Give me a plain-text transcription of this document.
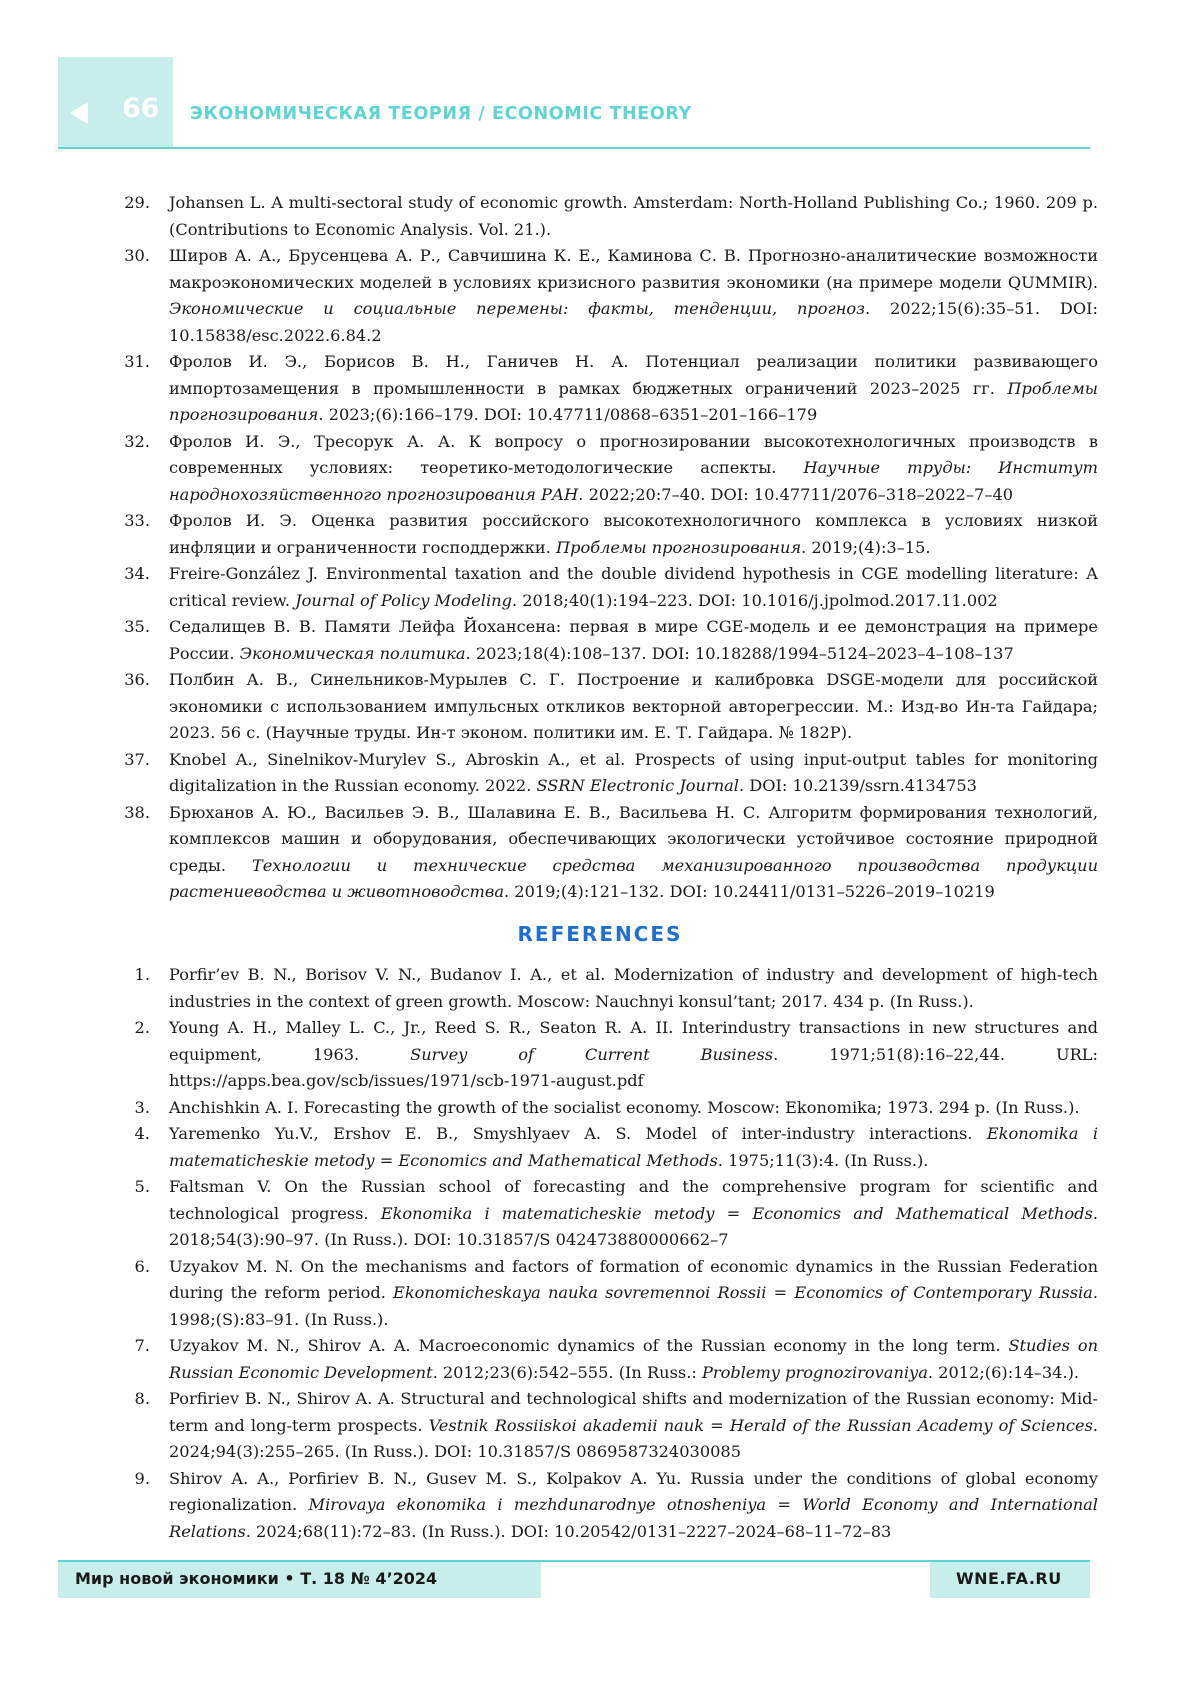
66 ЭКОНОМИЧЕСКАЯ ТЕОРИЯ / ECONOMIC THEORY
29. Johansen L. A multi-sectoral study of economic growth. Amsterdam: North-Holland Publishing Co.; 1960. 209 p. (Contributions to Economic Analysis. Vol. 21.).
30. Широв А. А., Брусенцева А. Р., Савчишина К. Е., Каминова С. В. Прогнозно-аналитические возможности макроэкономических моделей в условиях кризисного развития экономики (на примере модели QUMMIR). Экономические и социальные перемены: факты, тенденции, прогноз. 2022;15(6):35–51. DOI: 10.15838/esc.2022.6.84.2
31. Фролов И. Э., Борисов В. Н., Ганичев Н. А. Потенциал реализации политики развивающего импортозамещения в промышленности в рамках бюджетных ограничений 2023–2025 гг. Проблемы прогнозирования. 2023;(6):166–179. DOI: 10.47711/0868–6351–201–166–179
32. Фролов И. Э., Тресорук А. А. К вопросу о прогнозировании высокотехнологичных производств в современных условиях: теоретико-методологические аспекты. Научные труды: Институт народнохозяйственного прогнозирования РАН. 2022;20:7–40. DOI: 10.47711/2076–318–2022–7–40
33. Фролов И. Э. Оценка развития российского высокотехнологичного комплекса в условиях низкой инфляции и ограниченности господдержки. Проблемы прогнозирования. 2019;(4):3–15.
34. Freire-González J. Environmental taxation and the double dividend hypothesis in CGE modelling literature: A critical review. Journal of Policy Modeling. 2018;40(1):194–223. DOI: 10.1016/j.jpolmod.2017.11.002
35. Седалищев В. В. Памяти Лейфа Йохансена: первая в мире CGE-модель и ее демонстрация на примере России. Экономическая политика. 2023;18(4):108–137. DOI: 10.18288/1994–5124–2023–4–108–137
36. Полбин А. В., Синельников-Мурылев С. Г. Построение и калибровка DSGE-модели для российской экономики с использованием импульсных откликов векторной авторегрессии. М.: Изд-во Ин-та Гайдара; 2023. 56 с. (Научные труды. Ин-т эконом. политики им. Е. Т. Гайдара. № 182Р).
37. Knobel A., Sinelnikov-Murylev S., Abroskin A., et al. Prospects of using input-output tables for monitoring digitalization in the Russian economy. 2022. SSRN Electronic Journal. DOI: 10.2139/ssrn.4134753
38. Брюханов А. Ю., Васильев Э. В., Шалавина Е. В., Васильева Н. С. Алгоритм формирования технологий, комплексов машин и оборудования, обеспечивающих экологически устойчивое состояние природной среды. Технологии и технические средства механизированного производства продукции растениеводства и животноводства. 2019;(4):121–132. DOI: 10.24411/0131–5226–2019–10219
REFERENCES
1. Porfir’ev B. N., Borisov V. N., Budanov I. A., et al. Modernization of industry and development of high-tech industries in the context of green growth. Moscow: Nauchnyi konsul’tant; 2017. 434 p. (In Russ.).
2. Young A. H., Malley L. C., Jr., Reed S. R., Seaton R. A. II. Interindustry transactions in new structures and equipment, 1963. Survey of Current Business. 1971;51(8):16–22,44. URL: https://apps.bea.gov/scb/issues/1971/scb-1971-august.pdf
3. Anchishkin A. I. Forecasting the growth of the socialist economy. Moscow: Ekonomika; 1973. 294 p. (In Russ.).
4. Yaremenko Yu.V., Ershov E. B., Smyshlyaev A. S. Model of inter-industry interactions. Ekonomika i matematicheskie metody = Economics and Mathematical Methods. 1975;11(3):4. (In Russ.).
5. Faltsman V. On the Russian school of forecasting and the comprehensive program for scientific and technological progress. Ekonomika i matematicheskie metody = Economics and Mathematical Methods. 2018;54(3):90–97. (In Russ.). DOI: 10.31857/S 042473880000662–7
6. Uzyakov M. N. On the mechanisms and factors of formation of economic dynamics in the Russian Federation during the reform period. Ekonomicheskaya nauka sovremennoi Rossii = Economics of Contemporary Russia. 1998;(S):83–91. (In Russ.).
7. Uzyakov M. N., Shirov A. A. Macroeconomic dynamics of the Russian economy in the long term. Studies on Russian Economic Development. 2012;23(6):542–555. (In Russ.: Problemy prognozirovaniya. 2012;(6):14–34.).
8. Porfiriev B. N., Shirov A. A. Structural and technological shifts and modernization of the Russian economy: Mid-term and long-term prospects. Vestnik Rossiiskoi akademii nauk = Herald of the Russian Academy of Sciences. 2024;94(3):255–265. (In Russ.). DOI: 10.31857/S 0869587324030085
9. Shirov A. A., Porfiriev B. N., Gusev M. S., Kolpakov A. Yu. Russia under the conditions of global economy regionalization. Mirovaya ekonomika i mezhdunarodnye otnosheniya = World Economy and International Relations. 2024;68(11):72–83. (In Russ.). DOI: 10.20542/0131–2227–2024–68–11–72–83
Мир новой экономики • Т. 18 № 4’2024	WNE.FA.RU
